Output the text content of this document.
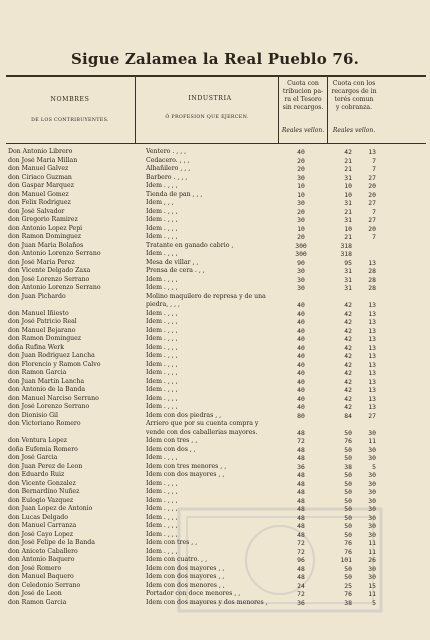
Sigue Zalamea la Real Pueblo 76.
NOMBRES
DE LOS CONTRIBUYENTES.
INDUSTRIA
Ó PROFESION QUE EJERCEN.
Cuota con
tribucion pa-
ra el Tesoro
sin recargos.
Cuota con los
recargos de in
terés comun
y cobranza.
Reales vellon.	Reales vellon.
Don Antonio Librero	Ventero . , , ,	40	42	13
don José Maria Millan	Cedacero. , , ,	20	21	7
don Manuel Galvez	Albañilero , , ,	20	21	7
don Ciriaco Guzman	Barbero . , , ,	30	31	27
don Gaspar Marquez	Idem . , , ,	10	10	20
don Manuel Gomez	Tienda de pan , , ,	10	10	20
don Felix Rodriguez	Idem , , ,	30	31	27
don José Salvador	Idem . , , ,	20	21	7
don Gregorio Ramirez	Idem . , , ,	30	31	27
don Antonio Lopez Pepi	Idem . , , ,	10	10	20
don Ramon Dominguez	Idem . , , ,	20	21	7
don Juan Maria Bolaños	Tratante en ganado cabrio ,	300	318
don Antonio Lorenzo Serrano	Idem . , , ,	300	318
don José Maria Perez	Mesa de villar , ,	90	95	13
don Vicente Delgado Zaxa	Prensa de cera . , ,	30	31	28
don José Lorenzo Serrano	Idem . , , ,	30	31	28
don Antonio Lorenzo Serrano	Idem . , , ,	30	31	28
don Juan Pichardo	Molino maquilero de represa y de una
piedra, , , ,	40	42	13
don Manuel Iñiesto	Idem . , , ,	40	42	13
don José Patricio Real	Idem . , , ,	40	42	13
don Manuel Bejarano	Idem . , , ,	40	42	13
don Ramon Dominguez	Idem . , , ,	40	42	13
doña Rufina Werk	Idem . , , ,	40	42	13
don Juan Rodriguez Lancha	Idem . , , ,	40	42	13
don Florencio y Ramon Calvo	Idem . , , ,	40	42	13
don Ramon Garcia	Idem . , , ,	40	42	13
don Juan Martin Lancha	Idem . , , ,	40	42	13
don Antonio de la Banda	Idem . , , ,	40	42	13
don Manuel Narciso Serrano	Idem . , , ,	40	42	13
don José Lorenzo Serrano	Idem . , , ,	40	42	13
don Dionisio Gil	Idem con dos piedras , ,	80	84	27
don Victoriano Romero	Arriero que por su cuenta compra y
vende con dos caballerias mayores.	48	50	30
don Ventura Lopez	Idem con tres , ,	72	76	11
doña Eufemia Romero	Idem con dos , ,	48	50	30
don José Garcia	Idem . , , ,	48	50	30
don Juan Perez de Leon	Idem con tres menores , ,	36	38	5
don Eduardo Ruiz	Idem con dos mayores , ,	48	50	30
don Vicente Gonzalez	Idem . , , ,	48	50	30
don Bernardino Nuñez	Idem . , , ,	48	50	30
don Eulogio Vazquez	Idem . , , ,	48	50	30
don Juan Lopez de Antonio	Idem . , , ,	48	50	30
don Lucas Delgado	Idem . , , ,	48	50	30
don Manuel Carranza	Idem . , , ,	48	50	30
don José Cayo Lopez	Idem . , , ,	48	50	30
don José Felipe de la Banda	Idem con tres , ,	72	76	11
don Aniceto Caballero	Idem . , , ,	72	76	11
don Antonio Baquero	Idem con cuatro. , ,	96	101	26
don José Romero	Idem con dos mayores , ,	48	50	30
don Manuel Baquero	Idem con dos mayores , ,	48	50	30
don Celedonio Serrano	Idem con dos menores , ,	24	25	15
don José de Leon	Portador con doce menores , ,	72	76	11
don Ramon Garcia	Idem con dos mayores y dos menores ,	36	38	5
